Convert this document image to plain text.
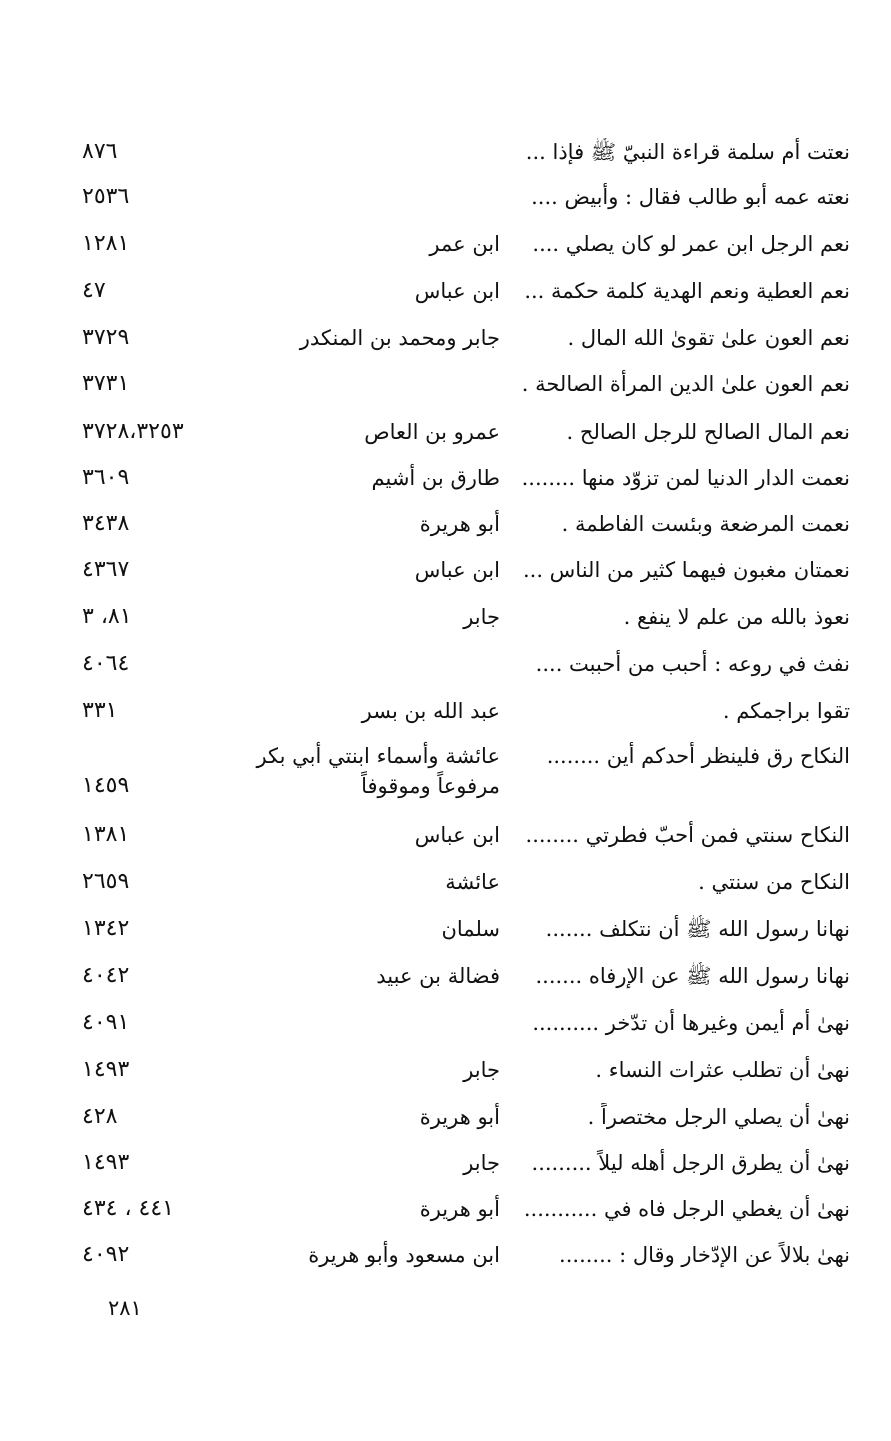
نعتت أم سلمة قراءة النبيّ ﷺ فإذا ...
٨٧٦
نعته عمه أبو طالب فقال : وأبيض ....
٢٥٣٦
نعم الرجل ابن عمر لو كان يصلي ....
ابن عمر
١٢٨١
نعم العطية ونعم الهدية كلمة حكمة ...
ابن عباس
٤٧
نعم العون علىٰ تقوىٰ الله المال .
جابر ومحمد بن المنكدر
٣٧٢٩
نعم العون علىٰ الدين المرأة الصالحة .
٣٧٣١
نعم المال الصالح للرجل الصالح .
عمرو بن العاص
٣٧٢٨،٣٢٥٣
نعمت الدار الدنيا لمن تزوّد منها ........
طارق بن أشيم
٣٦٠٩
نعمت المرضعة وبئست الفاطمة .
أبو هريرة
٣٤٣٨
نعمتان مغبون فيهما كثير من الناس ...
ابن عباس
٤٣٦٧
نعوذ بالله من علم لا ينفع .
جابر
٨١، ٣
نفث في روعه : أحبب من أحببت ....
٤٠٦٤
تقوا براجمكم .
عبد الله بن بسر
٣٣١
النكاح رق فلينظر أحدكم أين ........
عائشة وأسماء ابنتي أبي بكر
مرفوعاً وموقوفاً
١٤٥٩
النكاح سنتي فمن أحبّ فطرتي ........
ابن عباس
١٣٨١
النكاح من سنتي .
عائشة
٢٦٥٩
نهانا رسول الله ﷺ أن نتكلف .......
سلمان
١٣٤٢
نهانا رسول الله ﷺ عن الإرفاه .......
فضالة بن عبيد
٤٠٤٢
نهىٰ أم أيمن وغيرها أن تدّخر ..........
٤٠٩١
نهىٰ أن تطلب عثرات النساء .
جابر
١٤٩٣
نهىٰ أن يصلي الرجل مختصراً .
أبو هريرة
٤٢٨
نهىٰ أن يطرق الرجل أهله ليلاً .........
جابر
١٤٩٣
نهىٰ أن يغطي الرجل فاه في ...........
أبو هريرة
٤٤١ ، ٤٣٤
نهىٰ بلالاً عن الإدّخار وقال : ........
ابن مسعود وأبو هريرة
٤٠٩٢
٢٨١
